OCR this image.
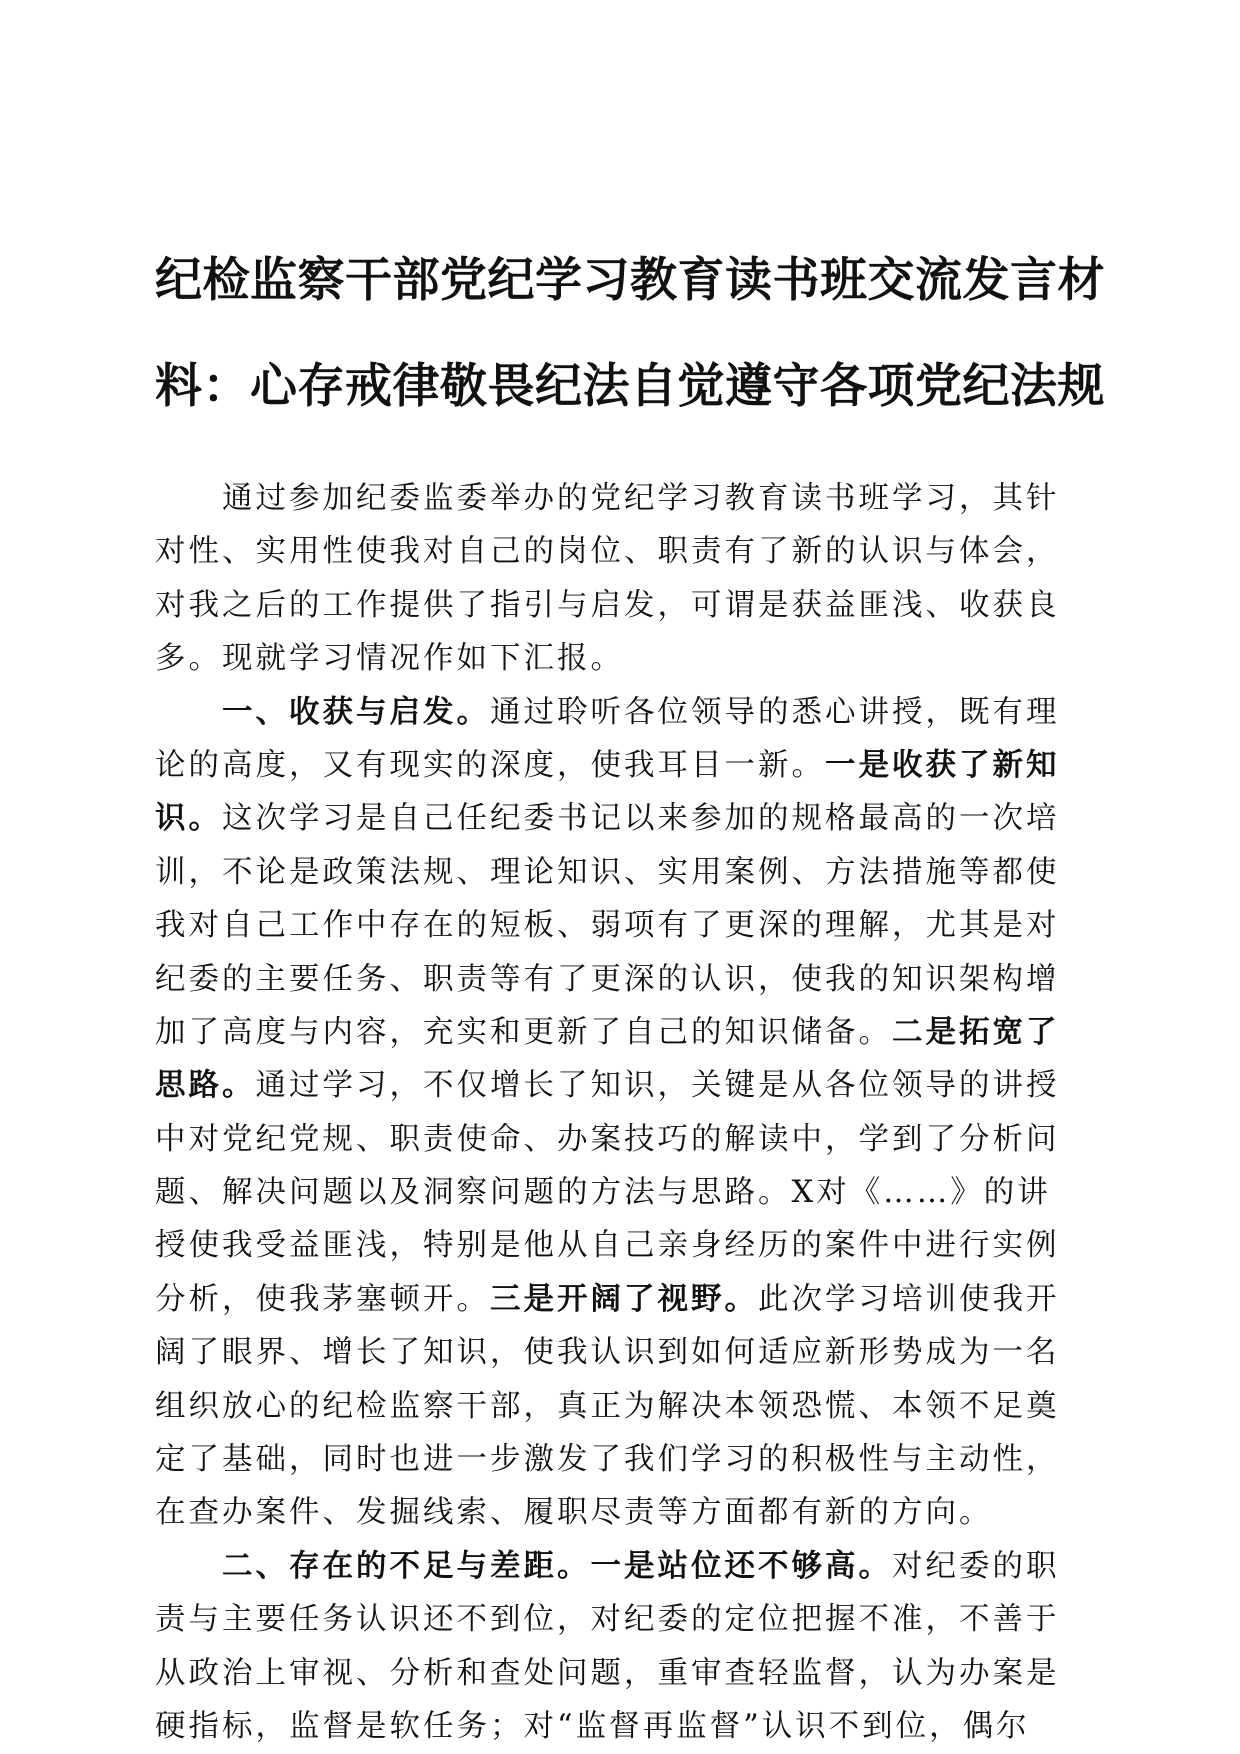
纪检监察干部党纪学习教育读书班交流发言材
料：心存戒律敬畏纪法自觉遵守各项党纪法规
通过参加纪委监委举办的党纪学习教育读书班学习，其针
对性、实用性使我对自己的岗位、职责有了新的认识与体会，
对我之后的工作提供了指引与启发，可谓是获益匪浅、收获良
多。现就学习情况作如下汇报。
一、收获与启发。通过聆听各位领导的悉心讲授，既有理
论的高度，又有现实的深度，使我耳目一新。一是收获了新知
识。这次学习是自己任纪委书记以来参加的规格最高的一次培
训，不论是政策法规、理论知识、实用案例、方法措施等都使
我对自己工作中存在的短板、弱项有了更深的理解，尤其是对
纪委的主要任务、职责等有了更深的认识，使我的知识架构增
加了高度与内容，充实和更新了自己的知识储备。二是拓宽了
思路。通过学习，不仅增长了知识，关键是从各位领导的讲授
中对党纪党规、职责使命、办案技巧的解读中，学到了分析问
题、解决问题以及洞察问题的方法与思路。X对《……》的讲
授使我受益匪浅，特别是他从自己亲身经历的案件中进行实例
分析，使我茅塞顿开。三是开阔了视野。此次学习培训使我开
阔了眼界、增长了知识，使我认识到如何适应新形势成为一名
组织放心的纪检监察干部，真正为解决本领恐慌、本领不足奠
定了基础，同时也进一步激发了我们学习的积极性与主动性，
在查办案件、发掘线索、履职尽责等方面都有新的方向。
二、存在的不足与差距。一是站位还不够高。对纪委的职
责与主要任务认识还不到位，对纪委的定位把握不准，不善于
从政治上审视、分析和查处问题，重审查轻监督，认为办案是
硬指标，监督是软任务；对“监督再监督”认识不到位，偶尔
